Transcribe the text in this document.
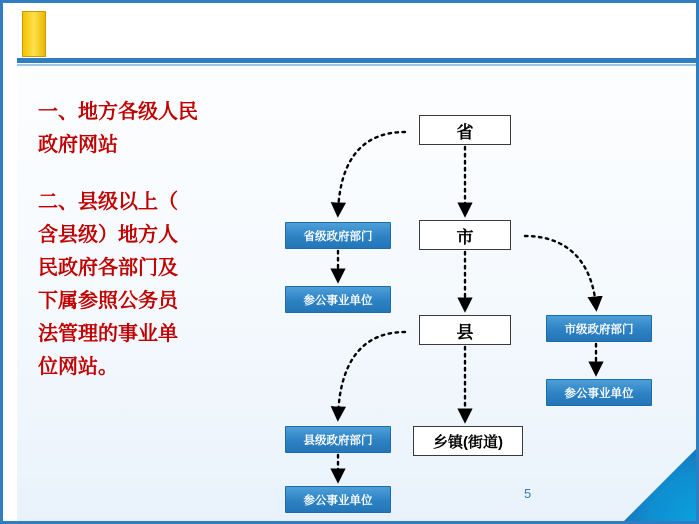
一、地方各级人民
政府网站
二、县级以上（
含县级）地方人
民政府各部门及
下属参照公务员
法管理的事业单
位网站。
省
市
县
乡镇(街道)
省级政府部门
参公事业单位
市级政府部门
参公事业单位
县级政府部门
参公事业单位	5
